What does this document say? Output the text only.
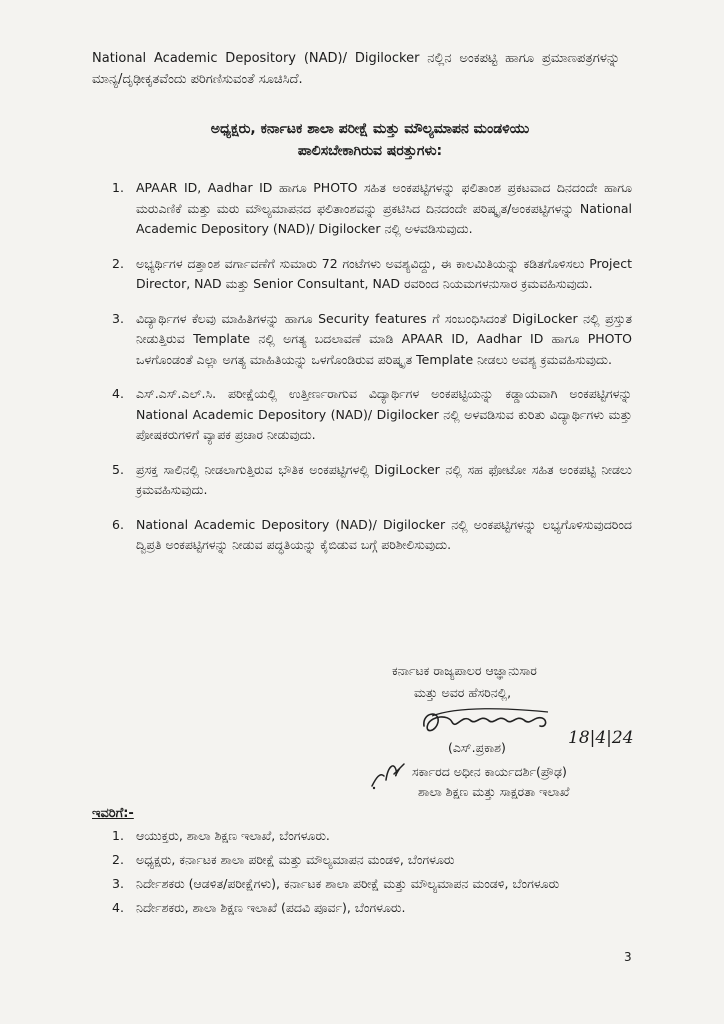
National Academic Depository (NAD)/ Digilocker ನಲ್ಲಿನ ಅಂಕಪಟ್ಟಿ ಹಾಗೂ ಪ್ರಮಾಣಪತ್ರಗಳನ್ನು ಮಾನ್ಯ/ದೃಢೀಕೃತವೆಂದು ಪರಿಗಣಿಸುವಂತೆ ಸೂಚಿಸಿದೆ.
ಅಧ್ಯಕ್ಷರು, ಕರ್ನಾಟಕ ಶಾಲಾ ಪರೀಕ್ಷೆ ಮತ್ತು ಮೌಲ್ಯಮಾಪನ ಮಂಡಳಿಯು
ಪಾಲಿಸಬೇಕಾಗಿರುವ ಷರತ್ತುಗಳು:
1. APAAR ID, Aadhar ID ಹಾಗೂ PHOTO ಸಹಿತ ಅಂಕಪಟ್ಟಿಗಳನ್ನು ಫಲಿತಾಂಶ ಪ್ರಕಟವಾದ ದಿನದಂದೇ ಹಾಗೂ ಮರುಎಣಿಕೆ ಮತ್ತು ಮರು ಮೌಲ್ಯಮಾಪನದ ಫಲಿತಾಂಶವನ್ನು ಪ್ರಕಟಿಸಿದ ದಿನದಂದೇ ಪರಿಷ್ಕೃತ/ಅಂಕಪಟ್ಟಿಗಳನ್ನು National Academic Depository (NAD)/ Digilocker ನಲ್ಲಿ ಅಳವಡಿಸುವುದು.
2. ಅಭ್ಯರ್ಥಿಗಳ ದತ್ತಾಂಶ ವರ್ಗಾವಣೆಗೆ ಸುಮಾರು 72 ಗಂಟೆಗಳು ಅವಶ್ಯವಿದ್ದು, ಈ ಕಾಲಮಿತಿಯನ್ನು ಕಡಿತಗೊಳಿಸಲು Project Director, NAD ಮತ್ತು Senior Consultant, NAD ರವರಿಂದ ನಿಯಮಗಳನುಸಾರ ಕ್ರಮವಹಿಸುವುದು.
3. ವಿದ್ಯಾರ್ಥಿಗಳ ಕೆಲವು ಮಾಹಿತಿಗಳನ್ನು ಹಾಗೂ Security features ಗೆ ಸಂಬಂಧಿಸಿದಂತೆ DigiLocker ನಲ್ಲಿ ಪ್ರಸ್ತುತ ನೀಡುತ್ತಿರುವ Template ನಲ್ಲಿ ಅಗತ್ಯ ಬದಲಾವಣೆ ಮಾಡಿ APAAR ID, Aadhar ID ಹಾಗೂ PHOTO ಒಳಗೊಂಡಂತೆ ಎಲ್ಲಾ ಅಗತ್ಯ ಮಾಹಿತಿಯನ್ನು ಒಳಗೊಂಡಿರುವ ಪರಿಷ್ಕೃತ Template ನೀಡಲು ಅವಶ್ಯ ಕ್ರಮವಹಿಸುವುದು.
4. ಎಸ್.ಎಸ್.ಎಲ್.ಸಿ. ಪರೀಕ್ಷೆಯಲ್ಲಿ ಉತ್ತೀರ್ಣರಾಗುವ ವಿದ್ಯಾರ್ಥಿಗಳ ಅಂಕಪಟ್ಟಿಯನ್ನು ಕಡ್ಡಾಯವಾಗಿ ಅಂಕಪಟ್ಟಿಗಳನ್ನು National Academic Depository (NAD)/ Digilocker ನಲ್ಲಿ ಅಳವಡಿಸುವ ಕುರಿತು ವಿದ್ಯಾರ್ಥಿಗಳು ಮತ್ತು ಪೋಷಕರುಗಳಿಗೆ ವ್ಯಾಪಕ ಪ್ರಚಾರ ನೀಡುವುದು.
5. ಪ್ರಸಕ್ತ ಸಾಲಿನಲ್ಲಿ ನೀಡಲಾಗುತ್ತಿರುವ ಭೌತಿಕ ಅಂಕಪಟ್ಟಿಗಳಲ್ಲಿ DigiLocker ನಲ್ಲಿ ಸಹ ಫೋಟೋ ಸಹಿತ ಅಂಕಪಟ್ಟಿ ನೀಡಲು ಕ್ರಮವಹಿಸುವುದು.
6. National Academic Depository (NAD)/ Digilocker ನಲ್ಲಿ ಅಂಕಪಟ್ಟಿಗಳನ್ನು ಲಭ್ಯಗೊಳಿಸುವುದರಿಂದ ದ್ವಿಪ್ರತಿ ಅಂಕಪಟ್ಟಿಗಳನ್ನು ನೀಡುವ ಪದ್ಧತಿಯನ್ನು ಕೈಬಿಡುವ ಬಗ್ಗೆ ಪರಿಶೀಲಿಸುವುದು.
ಕರ್ನಾಟಕ ರಾಜ್ಯಪಾಲರ ಆಜ್ಞಾನುಸಾರ
ಮತ್ತು ಅವರ ಹೆಸರಿನಲ್ಲಿ,
18|4|24
(ಎಸ್.ಪ್ರಕಾಶ)
ಸರ್ಕಾರದ ಅಧೀನ ಕಾರ್ಯದರ್ಶಿ(ಪ್ರೌಢ)
ಶಾಲಾ ಶಿಕ್ಷಣ ಮತ್ತು ಸಾಕ್ಷರತಾ ಇಲಾಖೆ
ಇವರಿಗೆ:-
1. ಆಯುಕ್ತರು, ಶಾಲಾ ಶಿಕ್ಷಣ ಇಲಾಖೆ, ಬೆಂಗಳೂರು.
2. ಅಧ್ಯಕ್ಷರು, ಕರ್ನಾಟಕ ಶಾಲಾ ಪರೀಕ್ಷೆ ಮತ್ತು ಮೌಲ್ಯಮಾಪನ ಮಂಡಳಿ, ಬೆಂಗಳೂರು
3. ನಿರ್ದೇಶಕರು (ಆಡಳಿತ/ಪರೀಕ್ಷೆಗಳು), ಕರ್ನಾಟಕ ಶಾಲಾ ಪರೀಕ್ಷೆ ಮತ್ತು ಮೌಲ್ಯಮಾಪನ ಮಂಡಳಿ, ಬೆಂಗಳೂರು
4. ನಿರ್ದೇಶಕರು, ಶಾಲಾ ಶಿಕ್ಷಣ ಇಲಾಖೆ (ಪದವಿ ಪೂರ್ವ), ಬೆಂಗಳೂರು.
3
